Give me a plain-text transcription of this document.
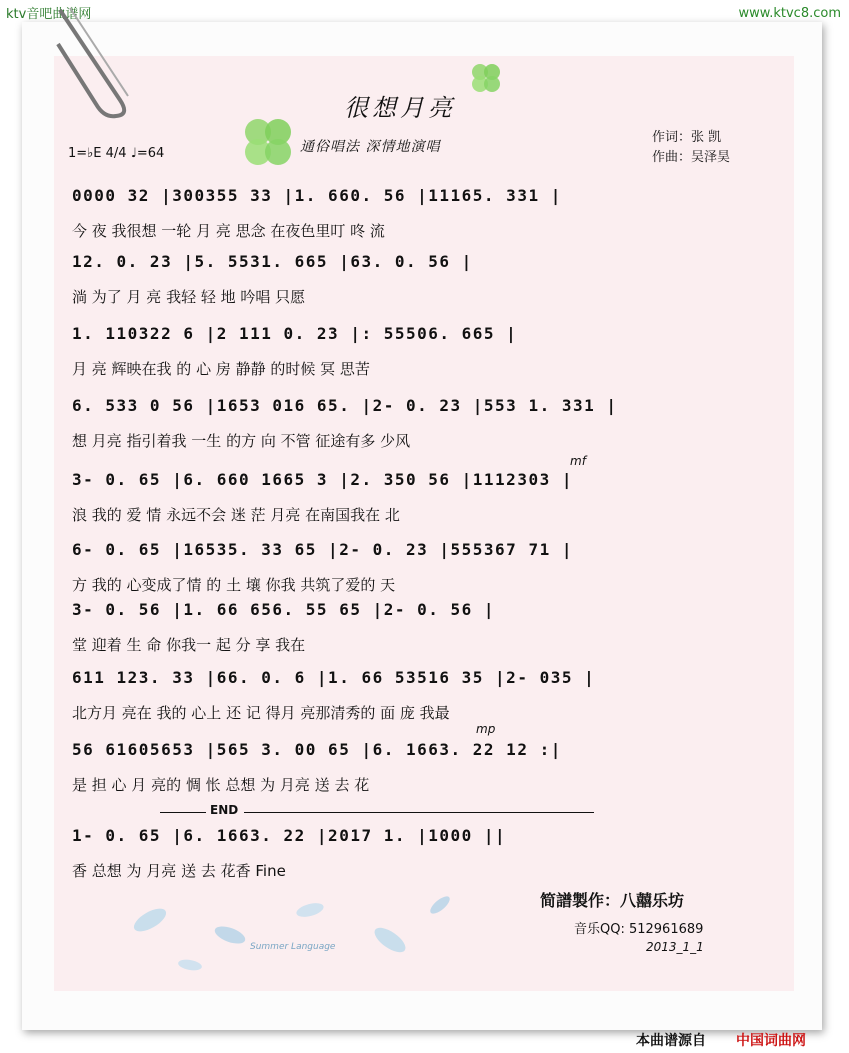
ktv音吧曲谱网	www.ktvc8.com
很想月亮
通俗唱法 深情地演唱
1=♭E 4/4 ♩=64
作词：张 凯
作曲：吴泽昊
0000 32 |300355 33 |1. 660. 56 |11165. 331 |
今 夜 我很想 一轮 月 亮 思念 在夜色里叮 咚 流
12. 0. 23 |5. 5531. 665 |63. 0. 56 |
淌 为了 月 亮 我轻 轻 地 吟唱 只愿
1. 110322 6 |2 111 0. 23 |: 55506. 665 |
月 亮 辉映在我 的 心 房 静静 的时候 冥 思苦
6. 533 0 56 |1653 016 65. |2- 0. 23 |553 1. 331 |
想 月亮 指引着我 一生 的方 向 不管 征途有多 少风
3- 0. 65 |6. 660 1665 3 |2. 350 56 |1112303 |
浪 我的 爱 情 永远不会 迷 茫 月亮 在南国我在 北
6- 0. 65 |16535. 33 65 |2- 0. 23 |555367 71 |
方 我的 心变成了情 的 土 壤 你我 共筑了爱的 天
3- 0. 56 |1. 66 656. 55 65 |2- 0. 56 |
堂 迎着 生 命 你我一 起 分 享 我在
611 123. 33 |66. 0. 6 |1. 66 53516 35 |2- 035 |
北方月 亮在 我的 心上 还 记 得月 亮那清秀的 面 庞 我最
56 61605653 |565 3. 00 65 |6. 1663. 22 12 :|
是 担 心 月 亮的 惆 怅 总想 为 月亮 送 去 花
1- 0. 65 |6. 1663. 22 |2017 1. |1000 ||
香 总想 为 月亮 送 去 花香 Fine
END
mf
mp
Summer Language
简譜製作：八囍乐坊
音乐QQ: 512961689
2013_1_1
本曲谱源自 中国词曲网
